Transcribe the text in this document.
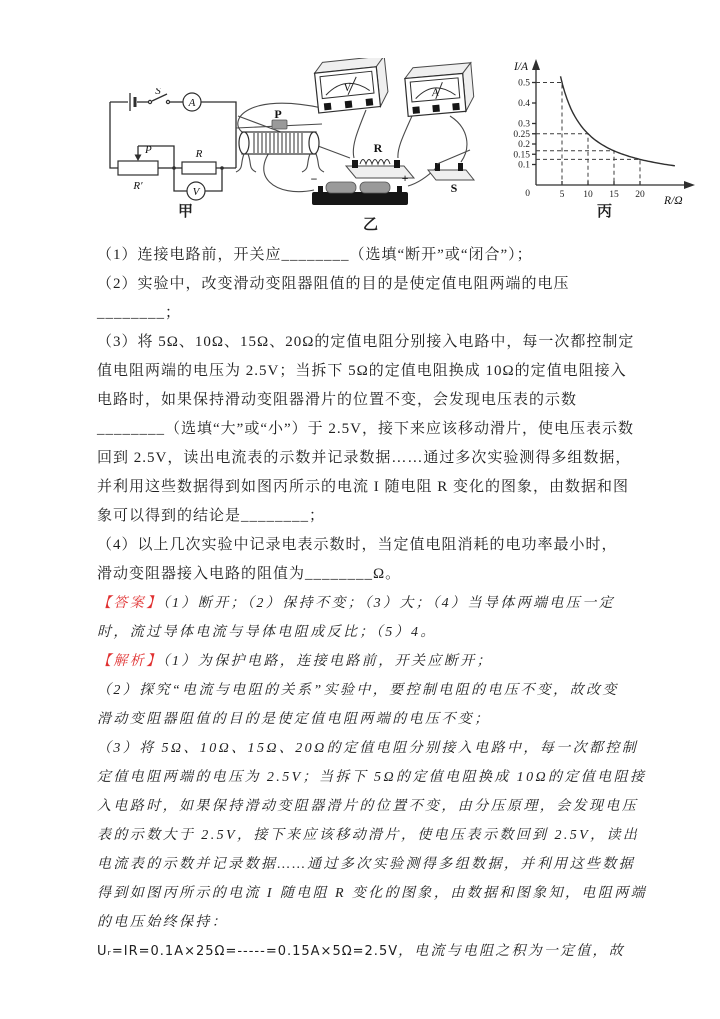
S
A
P
R′
R
V
甲
V	A
P
R
S
−	+
乙
0.1
0.15
0.2
0.25
0.3
0.4
0.5
5 10 15 20
I/A
R/Ω
0
丙
（1）连接电路前，开关应________（选填“断开”或“闭合”）；
（2）实验中，改变滑动变阻器阻值的目的是使定值电阻两端的电压
________；
（3）将 5Ω、10Ω、15Ω、20Ω的定值电阻分别接入电路中，每一次都控制定
值电阻两端的电压为 2.5V；当拆下 5Ω的定值电阻换成 10Ω的定值电阻接入
电路时，如果保持滑动变阻器滑片的位置不变，会发现电压表的示数
________（选填“大”或“小”）于 2.5V，接下来应该移动滑片，使电压表示数
回到 2.5V，读出电流表的示数并记录数据……通过多次实验测得多组数据，
并利用这些数据得到如图丙所示的电流 I 随电阻 R 变化的图象，由数据和图
象可以得到的结论是________；
（4）以上几次实验中记录电表示数时，当定值电阻消耗的电功率最小时，
滑动变阻器接入电路的阻值为________Ω。
【答案】（1）断开；（2）保持不变；（3）大；（4）当导体两端电压一定
时，流过导体电流与导体电阻成反比；（5）4。
【解析】（1）为保护电路，连接电路前，开关应断开；
（2）探究“电流与电阻的关系”实验中，要控制电阻的电压不变，故改变
滑动变阻器阻值的目的是使定值电阻两端的电压不变；
（3）将 5Ω、10Ω、15Ω、20Ω的定值电阻分别接入电路中，每一次都控制
定值电阻两端的电压为 2.5V；当拆下 5Ω的定值电阻换成 10Ω的定值电阻接
入电路时，如果保持滑动变阻器滑片的位置不变，由分压原理，会发现电压
表的示数大于 2.5V，接下来应该移动滑片，使电压表示数回到 2.5V，读出
电流表的示数并记录数据……通过多次实验测得多组数据，并利用这些数据
得到如图丙所示的电流 I 随电阻 R 变化的图象，由数据和图象知，电阻两端
的电压始终保持：
Uᵣ=IR=0.1A×25Ω=-----=0.15A×5Ω=2.5V，电流与电阻之积为一定值，故
